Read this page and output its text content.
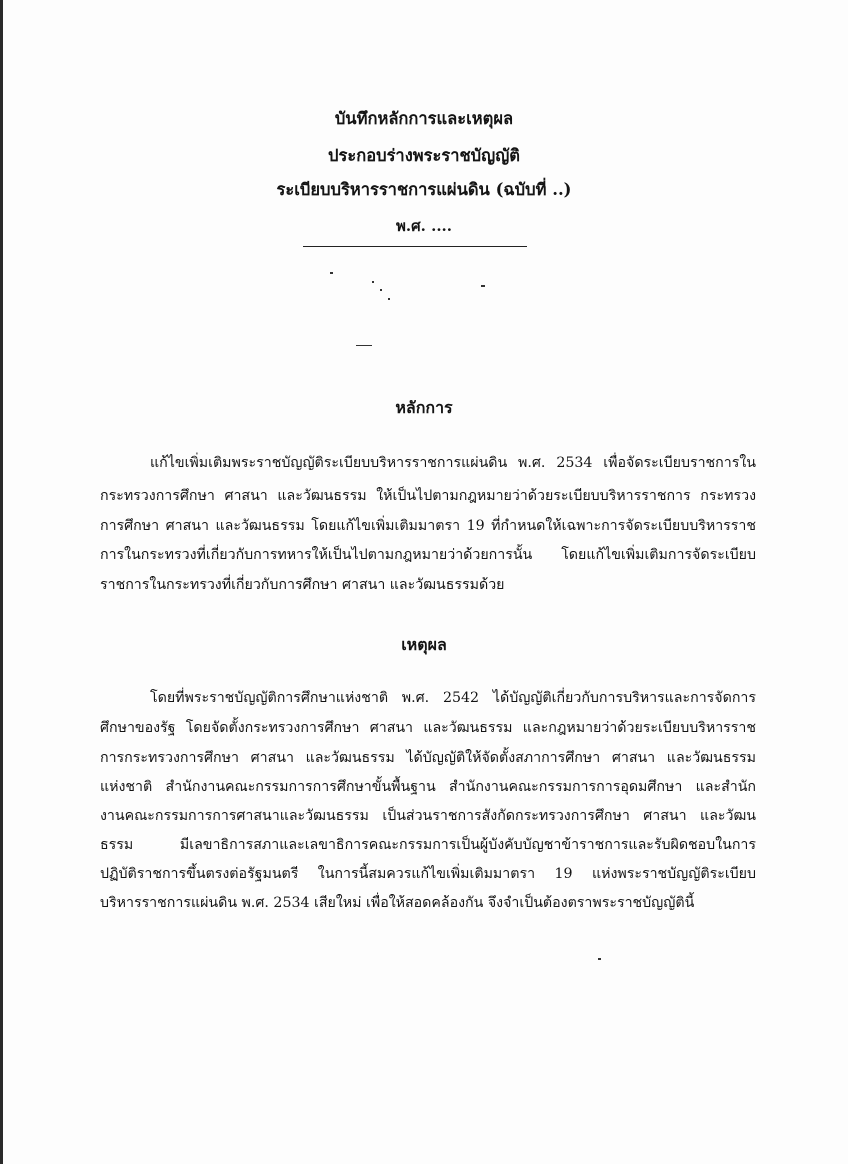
บันทึกหลักการและเหตุผล
ประกอบร่างพระราชบัญญัติ
ระเบียบบริหารราชการแผ่นดิน (ฉบับที่ ..)
พ.ศ. ....
หลักการ
แก้ไขเพิ่มเติมพระราชบัญญัติระเบียบบริหารราชการแผ่นดิน พ.ศ. 2534 เพื่อจัดระเบียบราชการใน
กระทรวงการศึกษา ศาสนา และวัฒนธรรม ให้เป็นไปตามกฎหมายว่าด้วยระเบียบบริหารราชการ กระทรวง
การศึกษา ศาสนา และวัฒนธรรม โดยแก้ไขเพิ่มเติมมาตรา 19 ที่กำหนดให้เฉพาะการจัดระเบียบบริหารราช
การในกระทรวงที่เกี่ยวกับการทหารให้เป็นไปตามกฎหมายว่าด้วยการนั้น โดยแก้ไขเพิ่มเติมการจัดระเบียบ
ราชการในกระทรวงที่เกี่ยวกับการศึกษา ศาสนา และวัฒนธรรมด้วย
เหตุผล
โดยที่พระราชบัญญัติการศึกษาแห่งชาติ พ.ศ. 2542 ได้บัญญัติเกี่ยวกับการบริหารและการจัดการ
ศึกษาของรัฐ โดยจัดตั้งกระทรวงการศึกษา ศาสนา และวัฒนธรรม และกฎหมายว่าด้วยระเบียบบริหารราช
การกระทรวงการศึกษา ศาสนา และวัฒนธรรม ได้บัญญัติให้จัดตั้งสภาการศึกษา ศาสนา และวัฒนธรรม
แห่งชาติ สำนักงานคณะกรรมการการศึกษาขั้นพื้นฐาน สำนักงานคณะกรรมการการอุดมศึกษา และสำนัก
งานคณะกรรมการการศาสนาและวัฒนธรรม เป็นส่วนราชการสังกัดกระทรวงการศึกษา ศาสนา และวัฒน
ธรรม มีเลขาธิการสภาและเลขาธิการคณะกรรมการเป็นผู้บังคับบัญชาข้าราชการและรับผิดชอบในการ
ปฏิบัติราชการขึ้นตรงต่อรัฐมนตรี ในการนี้สมควรแก้ไขเพิ่มเติมมาตรา 19 แห่งพระราชบัญญัติระเบียบ
บริหารราชการแผ่นดิน พ.ศ. 2534 เสียใหม่ เพื่อให้สอดคล้องกัน จึงจำเป็นต้องตราพระราชบัญญัตินี้
